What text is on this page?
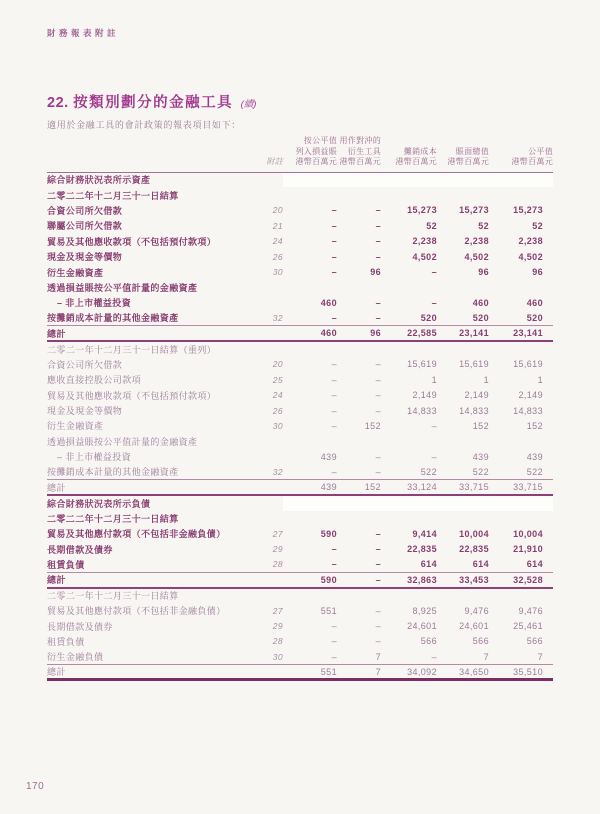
財務報表附註
22. 按類別劃分的金融工具 (續)
適用於金融工具的會計政策的報表項目如下：
	附註	
按公平值
列入損益賬
港幣百萬元

用作對沖的
衍生工具
港幣百萬元

攤銷成本
港幣百萬元

賬面總值
港幣百萬元

公平值
港幣百萬元

綜合財務狀況表所示資產						
二零二二年十二月三十一日結算						
合資公司所欠借款	20	–	–	15,273	15,273	15,273
聯屬公司所欠借款	21	–	–	52	52	52
貿易及其他應收款項（不包括預付款項）	24	–	–	2,238	2,238	2,238
現金及現金等價物	26	–	–	4,502	4,502	4,502
衍生金融資產	30	–	96	–	96	96
透過損益賬按公平值計量的金融資產						
– 非上市權益投資		460	–	–	460	460
按攤銷成本計量的其他金融資產	32	–	–	520	520	520
總計		460	96	22,585	23,141	23,141
二零二一年十二月三十一日結算（重列）						
合資公司所欠借款	20	–	–	15,619	15,619	15,619
應收直接控股公司款項	25	–	–	1	1	1
貿易及其他應收款項（不包括預付款項）	24	–	–	2,149	2,149	2,149
現金及現金等價物	26	–	–	14,833	14,833	14,833
衍生金融資產	30	–	152	–	152	152
透過損益賬按公平值計量的金融資產						
– 非上市權益投資		439	–	–	439	439
按攤銷成本計量的其他金融資產	32	–	–	522	522	522
總計		439	152	33,124	33,715	33,715
綜合財務狀況表所示負債						
二零二二年十二月三十一日結算						
貿易及其他應付款項（不包括非金融負債）	27	590	–	9,414	10,004	10,004
長期借款及債券	29	–	–	22,835	22,835	21,910
租賃負債	28	–	–	614	614	614
總計		590	–	32,863	33,453	32,528
二零二一年十二月三十一日結算						
貿易及其他應付款項（不包括非金融負債）	27	551	–	8,925	9,476	9,476
長期借款及債券	29	–	–	24,601	24,601	25,461
租賃負債	28	–	–	566	566	566
衍生金融負債	30	–	7	–	7	7
總計		551	7	34,092	34,650	35,510
170
